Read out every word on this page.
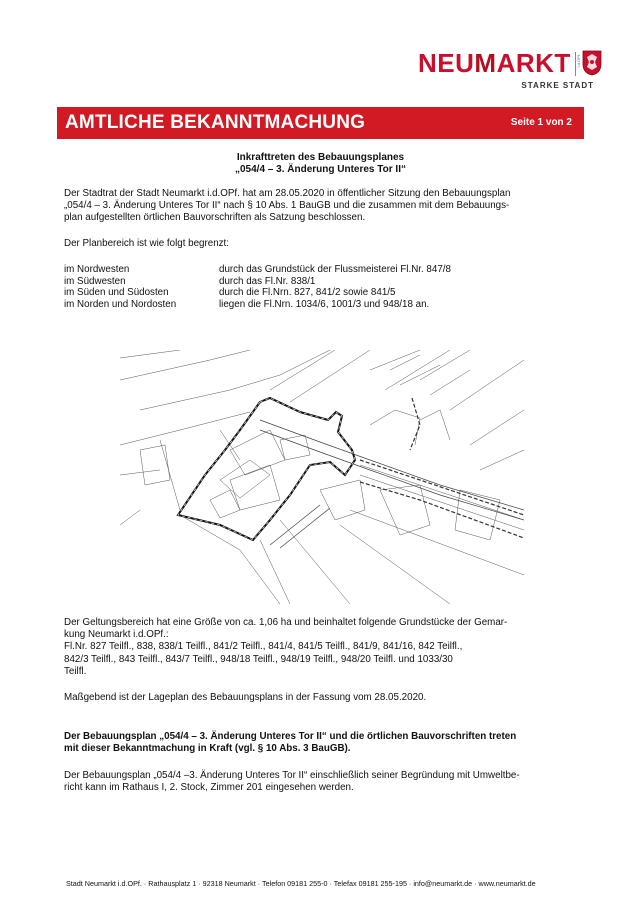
NEUMARKT i.d.OPf.
STARKE STADT
AMTLICHE BEKANNTMACHUNG	Seite 1 von 2
Inkrafttreten des Bebauungsplanes
„054/4 – 3. Änderung Unteres Tor II“
Der Stadtrat der Stadt Neumarkt i.d.OPf. hat am 28.05.2020 in öffentlicher Sitzung den Bebauungsplan
„054/4 – 3. Änderung Unteres Tor II“ nach § 10 Abs. 1 BauGB und die zusammen mit dem Bebauungs-
plan aufgestellten örtlichen Bauvorschriften als Satzung beschlossen.
Der Planbereich ist wie folgt begrenzt:
im Nordwesten	durch das Grundstück der Flussmeisterei Fl.Nr. 847/8
im Südwesten	durch das Fl.Nr. 838/1
im Süden und Südosten	durch die Fl.Nrn. 827, 841/2 sowie 841/5
im Norden und Nordosten	liegen die Fl.Nrn. 1034/6, 1001/3 und 948/18 an.
Der Geltungsbereich hat eine Größe von ca. 1,06 ha und beinhaltet folgende Grundstücke der Gemar-
kung Neumarkt i.d.OPf.:
Fl.Nr. 827 Teilfl., 838, 838/1 Teilfl., 841/2 Teilfl., 841/4, 841/5 Teilfl., 841/9, 841/16, 842 Teilfl.,
842/3 Teilfl., 843 Teilfl., 843/7 Teilfl., 948/18 Teilfl., 948/19 Teilfl., 948/20 Teilfl. und 1033/30
Teilfl.
Maßgebend ist der Lageplan des Bebauungsplans in der Fassung vom 28.05.2020.
Der Bebauungsplan „054/4 – 3. Änderung Unteres Tor II“ und die örtlichen Bauvorschriften treten
mit dieser Bekanntmachung in Kraft (vgl. § 10 Abs. 3 BauGB).
Der Bebauungsplan „054/4 –3. Änderung Unteres Tor II“ einschließlich seiner Begründung mit Umweltbe-
richt kann im Rathaus I, 2. Stock, Zimmer 201 eingesehen werden.
Stadt Neumarkt i.d.OPf. · Rathausplatz 1 · 92318 Neumarkt · Telefon 09181 255-0 · Telefax 09181 255-195 · info@neumarkt.de · www.neumarkt.de
